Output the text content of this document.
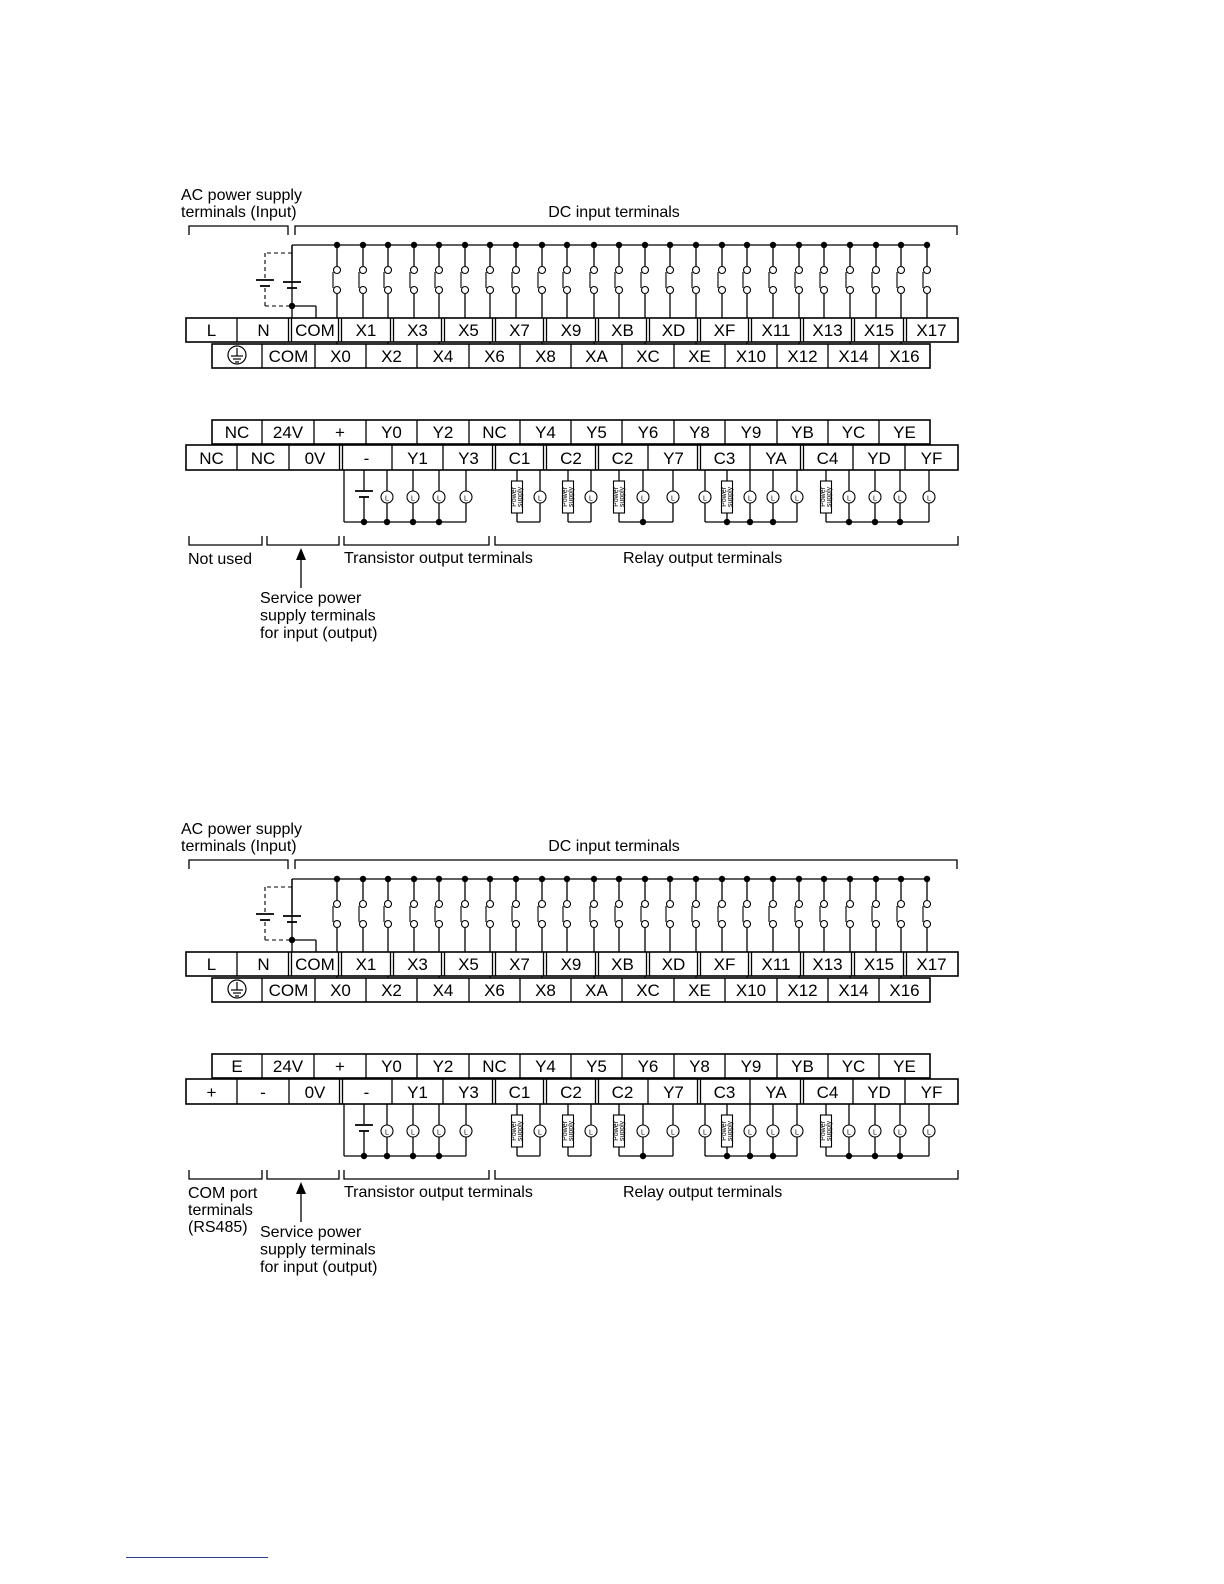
AC power supply
terminals (Input)	DC input terminals
L N COM X1 X3 X5 X7 X9 XB XD XF X11 X13 X15 X17
COM X0 X2 X4 X6 X8 XA XC XE X10 X12 X14 X16
NC 24V + Y0 Y2 NC Y4 Y5 Y6 Y8 Y9 YB YC YE
NC NC 0V - Y1 Y3 C1 C2 C2 Y7 C3 YA C4 YD YF
L	L	L	L	Power supply L	Power supply L	Power supply L	L	Power supply
L	L	L	L	Power supply L	L	L	L
Not used	Transistor output terminals	Relay output terminals
Service power
supply terminals
for input (output)
AC power supply
terminals (Input)	DC input terminals
L N COM X1 X3 X5 X7 X9 XB XD XF X11 X13 X15 X17
COM X0 X2 X4 X6 X8 XA XC XE X10 X12 X14 X16
E 24V + Y0 Y2 NC Y4 Y5 Y6 Y8 Y9 YB YC YE
+	- 0V - Y1 Y3 C1 C2 C2 Y7 C3 YA C4 YD YF
L	L	L	L	Power supply L	Power supply L	Power supply L	L	Power supply
L	L	L	L	Power supply L	L	L	L
COM port
terminals
(RS485)
Transistor output terminals	Relay output terminals
Service power
supply terminals
for input (output)
